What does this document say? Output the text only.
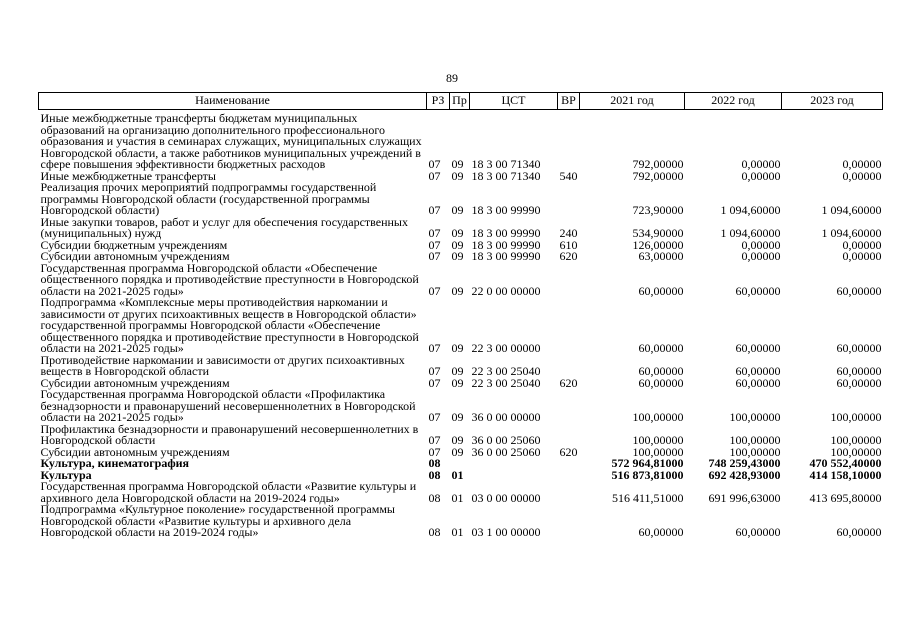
89
Наименование	РЗ	Пр	ЦСТ	ВР	2021 год	2022 год	2023 год
Иные межбюджетные трансферты бюджетам муниципальных образований на организацию дополнительного профессионального образования и участия в семинарах служащих, муниципальных служащих Новгородской области, а также работников муниципальных учреждений в сфере повышения эффективности бюджетных расходов	07	09	18 3 00 71340		792,00000	0,00000	0,00000
Иные межбюджетные трансферты	07	09	18 3 00 71340	540	792,00000	0,00000	0,00000
Реализация прочих мероприятий подпрограммы государственной программы Новгородской области (государственной программы Новгородской области)	07	09	18 3 00 99990		723,90000	1 094,60000	1 094,60000
Иные закупки товаров, работ и услуг для обеспечения государственных (муниципальных) нужд	07	09	18 3 00 99990	240	534,90000	1 094,60000	1 094,60000
Субсидии бюджетным учреждениям	07	09	18 3 00 99990	610	126,00000	0,00000	0,00000
Субсидии автономным учреждениям	07	09	18 3 00 99990	620	63,00000	0,00000	0,00000
Государственная программа Новгородской области «Обеспечение общественного порядка и противодействие преступности в Новгородской области на 2021-2025 годы»	07	09	22 0 00 00000		60,00000	60,00000	60,00000
Подпрограмма «Комплексные меры противодействия наркомании и зависимости от других психоактивных веществ в Новгородской области» государственной программы Новгородской области «Обеспечение общественного порядка и противодействие преступности в Новгородской области на 2021-2025 годы»	07	09	22 3 00 00000		60,00000	60,00000	60,00000
Противодействие наркомании и зависимости от других психоактивных веществ в Новгородской области	07	09	22 3 00 25040		60,00000	60,00000	60,00000
Субсидии автономным учреждениям	07	09	22 3 00 25040	620	60,00000	60,00000	60,00000
Государственная программа Новгородской области «Профилактика безнадзорности и правонарушений несовершеннолетних в Новгородской области на 2021-2025 годы»	07	09	36 0 00 00000		100,00000	100,00000	100,00000
Профилактика безнадзорности и правонарушений несовершеннолетних в Новгородской области	07	09	36 0 00 25060		100,00000	100,00000	100,00000
Субсидии автономным учреждениям	07	09	36 0 00 25060	620	100,00000	100,00000	100,00000
Культура, кинематография	08				572 964,81000	748 259,43000	470 552,40000
Культура	08	01			516 873,81000	692 428,93000	414 158,10000
Государственная программа Новгородской области «Развитие культуры и архивного дела Новгородской области на 2019-2024 годы»	08	01	03 0 00 00000		516 411,51000	691 996,63000	413 695,80000
Подпрограмма «Культурное поколение» государственной программы Новгородской области «Развитие культуры и архивного дела Новгородской области на 2019-2024 годы»	08	01	03 1 00 00000		60,00000	60,00000	60,00000
